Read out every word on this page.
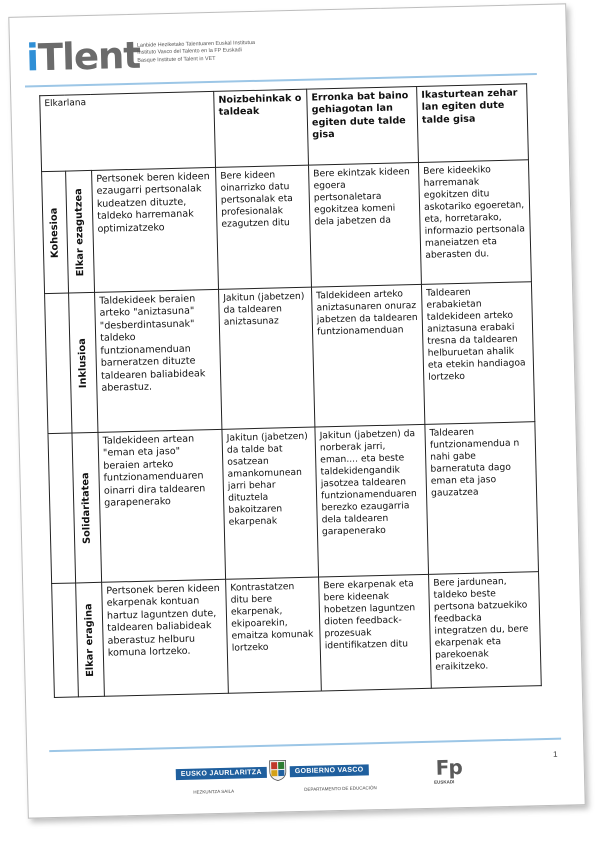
iTlent
Lanbide Heziketako Talentuaren Euskal Institutua
Instituto Vasco del Talento en la FP Euskadi
Basque Institute of Talent in VET
Elkarlana			Noizbehinkak o taldeak	Erronka bat baino gehiagotan lan egiten dute talde gisa	Ikasturtean zehar lan egiten dute talde gisa

Kohesioa	Elkar ezagutzea	Pertsonek beren kideen ezaugarri pertsonalak kudeatzen dituzte, taldeko harremanak optimizatzeko	Bere kideen oinarrizko datu pertsonalak eta profesionalak ezagutzen ditu	Bere ekintzak kideen egoera pertsonaletara egokitzea komeni dela jabetzen da	Bere kideekiko harremanak egokitzen ditu askotariko egoeretan, eta, horretarako, informazio pertsonala maneiatzen eta aberasten du.

	Inklusioa	Taldekideek beraien arteko "aniztasuna" "desberdintasunak" taldeko funtzionamenduan barneratzen dituzte taldearen baliabideak aberastuz.	Jakitun (jabetzen) da taldearen aniztasunaz	Taldekideen arteko aniztasunaren onuraz jabetzen da taldearen funtzionamenduan	Taldearen erabakietan taldekideen arteko aniztasuna erabaki tresna da taldearen helburuetan ahalik eta etekin handiagoa lortzeko

	Solidaritatea	Taldekideen artean "eman eta jaso" beraien arteko funtzionamenduaren oinarri dira taldearen garapenerako	Jakitun (jabetzen) da talde bat osatzean amankomunean jarri behar dituztela bakoitzaren ekarpenak	Jakitun (jabetzen) da norberak jarri, eman.... eta beste taldekidengandik jasotzea taldearen funtzionamenduaren berezko ezaugarria dela taldearen garapenerako	Taldearen funtzionamendua n nahi gabe barneratuta dago eman eta jaso gauzatzea

	Elkar eragina	Pertsonek beren kideen ekarpenak kontuan hartuz laguntzen dute, taldearen baliabideak aberastuz helburu komuna lortzeko.	Kontrastatzen ditu bere ekarpenak, ekipoarekin, emaitza komunak lortzeko	Bere ekarpenak eta bere kideenak hobetzen laguntzen dioten feedback-prozesuak identifikatzen ditu	Bere jardunean, taldeko beste pertsona batzuekiko feedbacka integratzen du, bere ekarpenak eta parekoenak eraikitzeko.
1
EUSKO JAURLARITZA	GOBIERNO VASCO
HEZKUNTZA SAILA	DEPARTAMENTO DE EDUCACIÓN
Fp
EUSKADI
